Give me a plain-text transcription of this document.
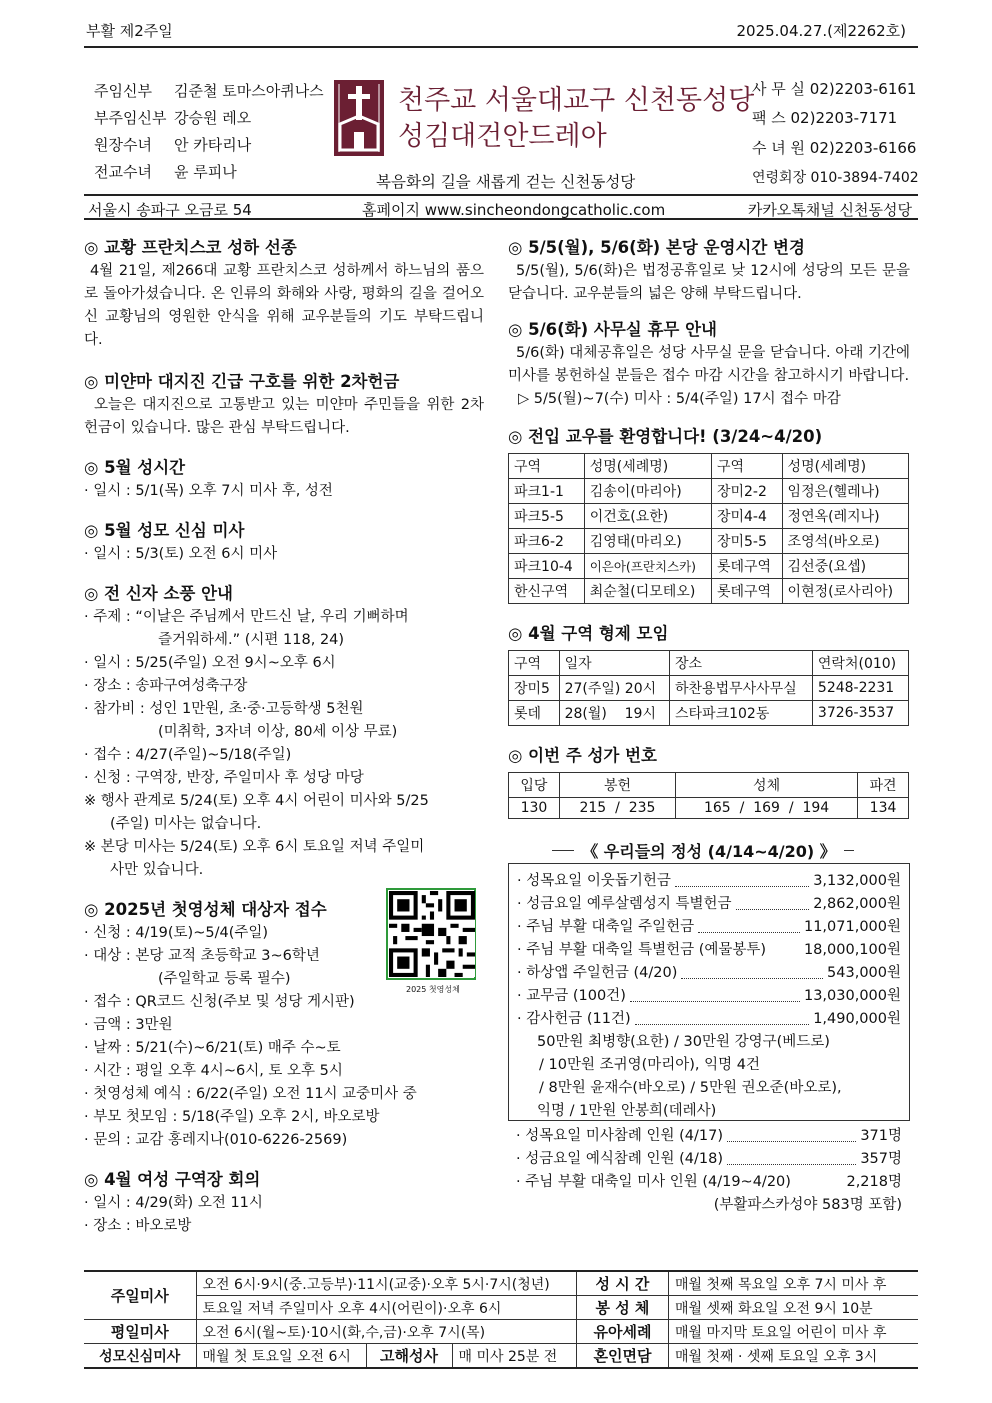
부활 제2주일	2025.04.27.(제2262호)
주임신부 김준철 토마스아퀴나스
부주임신부 강승원 레오
원장수녀 안 카타리나
전교수녀 윤 루피나
천주교 서울대교구 신천동성당
성김대건안드레아
복음화의 길을 새롭게 걷는 신천동성당
사 무 실 02)2203-6161
팩 스 02)2203-7171
수 녀 원 02)2203-6166
연령회장 010-3894-7402
서울시 송파구 오금로 54	홈페이지 www.sincheondongcatholic.com	카카오톡채널 신천동성당
◎ 교황 프란치스코 성하 선종
4월 21일, 제266대 교황 프란치스코 성하께서 하느님의 품으로 돌아가셨습니다. 온 인류의 화해와 사랑, 평화의 길을 걸어오신 교황님의 영원한 안식을 위해 교우분들의 기도 부탁드립니다.
◎ 미얀마 대지진 긴급 구호를 위한 2차헌금
오늘은 대지진으로 고통받고 있는 미얀마 주민들을 위한 2차헌금이 있습니다. 많은 관심 부탁드립니다.
◎ 5월 성시간
· 일시 : 5/1(목) 오후 7시 미사 후, 성전
◎ 5월 성모 신심 미사
· 일시 : 5/3(토) 오전 6시 미사
◎ 전 신자 소풍 안내
· 주제 : “이날은 주님께서 만드신 날, 우리 기뻐하며
즐거워하세.” (시편 118, 24)
· 일시 : 5/25(주일) 오전 9시~오후 6시
· 장소 : 송파구여성축구장
· 참가비 : 성인 1만원, 초·중·고등학생 5천원
(미취학, 3자녀 이상, 80세 이상 무료)
· 접수 : 4/27(주일)~5/18(주일)
· 신청 : 구역장, 반장, 주일미사 후 성당 마당
※ 행사 관계로 5/24(토) 오후 4시 어린이 미사와 5/25
(주일) 미사는 없습니다.
※ 본당 미사는 5/24(토) 오후 6시 토요일 저녁 주일미
사만 있습니다.
◎ 2025년 첫영성체 대상자 접수
2025 첫영성체
· 신청 : 4/19(토)~5/4(주일)
· 대상 : 본당 교적 초등학교 3~6학년
(주일학교 등록 필수)
· 접수 : QR코드 신청(주보 및 성당 게시판)
· 금액 : 3만원
· 날짜 : 5/21(수)~6/21(토) 매주 수~토
· 시간 : 평일 오후 4시~6시, 토 오후 5시
· 첫영성체 예식 : 6/22(주일) 오전 11시 교중미사 중
· 부모 첫모임 : 5/18(주일) 오후 2시, 바오로방
· 문의 : 교감 홍레지나(010-6226-2569)
◎ 4월 여성 구역장 회의
· 일시 : 4/29(화) 오전 11시
· 장소 : 바오로방
◎ 5/5(월), 5/6(화) 본당 운영시간 변경
5/5(월), 5/6(화)은 법정공휴일로 낮 12시에 성당의 모든 문을 닫습니다. 교우분들의 넓은 양해 부탁드립니다.
◎ 5/6(화) 사무실 휴무 안내
5/6(화) 대체공휴일은 성당 사무실 문을 닫습니다. 아래 기간에 미사를 봉헌하실 분들은 접수 마감 시간을 참고하시기 바랍니다.
▷ 5/5(월)~7(수) 미사 : 5/4(주일) 17시 접수 마감
◎ 전입 교우를 환영합니다! (3/24~4/20)
구역	성명(세례명)	구역	성명(세례명)
파크1-1	김송이(마리아)	장미2-2	임정은(헬레나)
파크5-5	이건호(요한)	장미4-4	정연옥(레지나)
파크6-2	김영태(마리오)	장미5-5	조영석(바오로)
파크10-4	이은아(프란치스카)	롯데구역	김선중(요셉)
한신구역	최순철(디모테오)	롯데구역	이현정(로사리아)
◎ 4월 구역 형제 모임
구역	일자	장소	연락처(010)
장미5	27(주일) 20시	하찬용법무사사무실	5248-2231
롯데	28(월)    19시	스타파크102동	3726-3537
◎ 이번 주 성가 번호
입당	봉헌	성체	파견
130	215  /  235	165  /  169  /  194	134
《 우리들의 정성 (4/14~4/20) 》
· 성목요일 이웃돕기헌금	3,132,000원
· 성금요일 예루살렘성지 특별헌금	2,862,000원
· 주님 부활 대축일 주일헌금	11,071,000원
· 주님 부활 대축일 특별헌금 (예물봉투)	18,000,100원
· 하상앱 주일헌금 (4/20)	543,000원
· 교무금 (100건)	13,030,000원
· 감사헌금 (11건)	1,490,000원
50만원 최병향(요한) / 30만원 강영구(베드로)
/ 10만원 조귀영(마리아), 익명 4건
/ 8만원 윤재수(바오로) / 5만원 권오준(바오로),
익명 / 1만원 안봉희(데레사)
· 성목요일 미사참례 인원 (4/17)	371명
· 성금요일 예식참례 인원 (4/18)	357명
· 주님 부활 대축일 미사 인원 (4/19~4/20)	2,218명
(부활파스카성야 583명 포함)
주일미사	오전 6시·9시(중.고등부)·11시(교중)·오후 5시·7시(청년)			성 시 간	매월 첫째 목요일 오후 7시 미사 후
	토요일 저녁 주일미사 오후 4시(어린이)·오후 6시			봉 성 체	매월 셋째 화요일 오전 9시 10분
평일미사	오전 6시(월~토)·10시(화,수,금)·오후 7시(목)			유아세례	매월 마지막 토요일 어린이 미사 후
성모신심미사	매월 첫 토요일 오전 6시	고해성사	매 미사 25분 전	혼인면담	매월 첫째 · 셋째 토요일 오후 3시
